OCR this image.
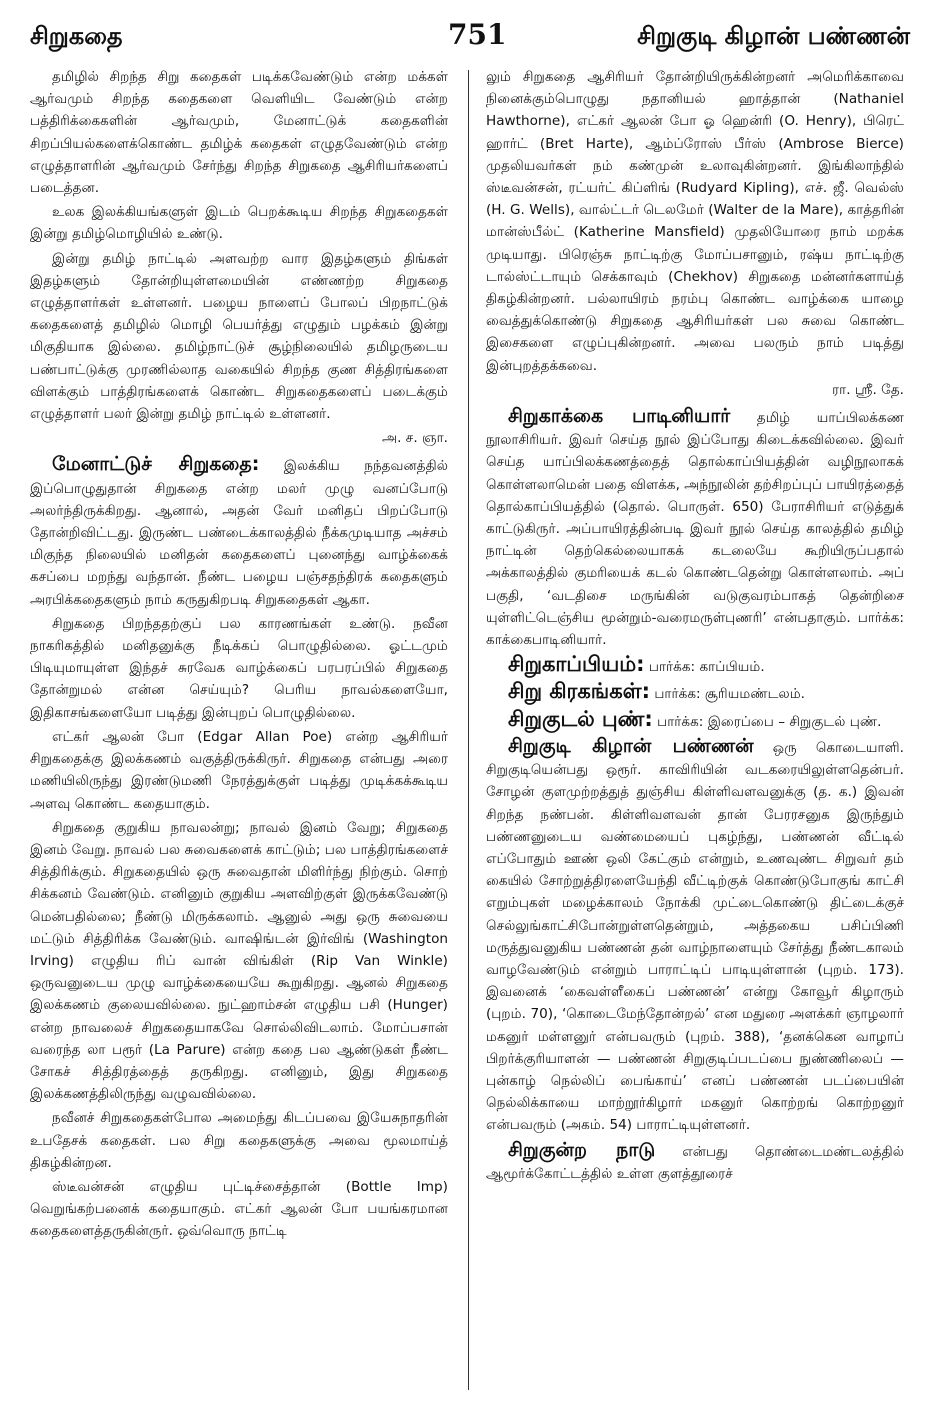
சிறுகதை	751	சிறுகுடி கிழான் பண்ணன்

தமிழில் சிறந்த சிறு கதைகள் படிக்கவேண்டும் என்ற மக்கள் ஆர்வமும் சிறந்த கதைகளை வெளியிட வேண்டும் என்ற பத்திரிக்கைகளின் ஆர்வமும், மேனாட்டுக் கதைகளின் சிறப்பியல்களைக்கொண்ட தமிழ்க் கதைகள் எழுதவேண்டும் என்ற எழுத்தாளரின் ஆர்வமும் சேர்ந்து சிறந்த சிறுகதை ஆசிரியர்களைப் படைத்தன.

உலக இலக்கியங்களுள் இடம் பெறக்கூடிய சிறந்த சிறுகதைகள் இன்று தமிழ்மொழியில் உண்டு.

இன்று தமிழ் நாட்டில் அளவற்ற வார இதழ்களும் திங்கள் இதழ்களும் தோன்றியுள்ளமையின் எண்ணற்ற சிறுகதை எழுத்தாளர்கள் உள்ளனர். பழைய நாளைப் போலப் பிறநாட்டுக் கதைகளைத் தமிழில் மொழி பெயர்த்து எழுதும் பழக்கம் இன்று மிகுதியாக இல்லை. தமிழ்நாட்டுச் சூழ்நிலையில் தமிழருடைய பண்பாட்டுக்கு முரணில்லாத வகையில் சிறந்த குண சித்திரங்களை விளக்கும் பாத்திரங்களைக் கொண்ட சிறுகதைகளைப் படைக்கும் எழுத்தாளர் பலர் இன்று தமிழ் நாட்டில் உள்ளனர்.

அ. ச. ஞா.

மேனாட்டுச் சிறுகதை: இலக்கிய நந்தவனத்தில் இப்பொழுதுதான் சிறுகதை என்ற மலர் முழு வனப்போடு அலர்ந்திருக்கிறது. ஆனால், அதன் வேர் மனிதப் பிறப்போடு தோன்றிவிட்டது. இருண்ட பண்டைக்காலத்தில் நீக்கமுடியாத அச்சம் மிகுந்த நிலையில் மனிதன் கதைகளைப் புனைந்து வாழ்க்கைக் கசப்பை மறந்து வந்தான். நீண்ட பழைய பஞ்சதந்திரக் கதைகளும் அரபிக்கதைகளும் நாம் கருதுகிறபடி சிறுகதைகள் ஆகா.

சிறுகதை பிறந்ததற்குப் பல காரணங்கள் உண்டு. நவீன நாகரிகத்தில் மனிதனுக்கு நீடிக்கப் பொழுதில்லை. ஓட்டமும் பிடியுமாயுள்ள இந்தச் சுரவேக வாழ்க்கைப் பரபரப்பில் சிறுகதை தோன்றுமல் என்ன செய்யும்? பெரிய நாவல்களையோ, இதிகாசங்களையோ படித்து இன்புறப் பொழுதில்லை.

எட்கர் ஆலன் போ (Edgar Allan Poe) என்ற ஆசிரியர் சிறுகதைக்கு இலக்கணம் வகுத்திருக்கிருர். சிறுகதை என்பது அரை மணியிலிருந்து இரண்டுமணி நேரத்துக்குள் படித்து முடிக்கக்கூடிய அளவு கொண்ட கதையாகும்.

சிறுகதை குறுகிய நாவலன்று; நாவல் இனம் வேறு; சிறுகதை இனம் வேறு. நாவல் பல சுவைகளைக் காட்டும்; பல பாத்திரங்களைச் சித்திரிக்கும். சிறுகதையில் ஒரு சுவைதான் மிளிர்ந்து நிற்கும். சொற் சிக்கனம் வேண்டும். எனினும் குறுகிய அளவிற்குள் இருக்கவேண்டு மென்பதில்லை; நீண்டு மிருக்கலாம். ஆனுல் அது ஒரு சுவையை மட்டும் சித்திரிக்க வேண்டும். வாஷிங்டன் இர்விங் (Washington Irving) எழுதிய ரிப் வான் விங்கிள் (Rip Van Winkle) ஒருவனுடைய முழு வாழ்க்கையையே கூறுகிறது. ஆனல் சிறுகதை இலக்கணம் குலையவில்லை. நுட்ஹாம்சன் எழுதிய பசி (Hunger) என்ற நாவலைச் சிறுகதையாகவே சொல்லிவிடலாம். மோப்பசான் வரைந்த லா பரூர் (La Parure) என்ற கதை பல ஆண்டுகள் நீண்ட சோகச் சித்திரத்தைத் தருகிறது. எனினும், இது சிறுகதை இலக்கணத்திலிருந்து வழுவவில்லை.

நவீனச் சிறுகதைகள்போல அமைந்து கிடப்பவை இயேசுநாதரின் உபதேசக் கதைகள். பல சிறு கதைகளுக்கு அவை மூலமாய்த் திகழ்கின்றன.

ஸ்டீவன்சன் எழுதிய புட்டிச்சைத்தான் (Bottle Imp) வெறுங்கற்பனைக் கதையாகும். எட்கர் ஆலன் போ பயங்கரமான கதைகளைத்தருகின்ருர். ஒவ்வொரு நாட்டி

லும் சிறுகதை ஆசிரியர் தோன்றியிருக்கின்றனர் அமெரிக்காவை நினைக்கும்பொழுது நதானியல் ஹாத்தான் (Nathaniel Hawthorne), எட்கர் ஆலன் போ ஓ ஹென்ரி (O. Henry), பிரெட் ஹார்ட் (Bret Harte), ஆம்ப்ரோஸ் பீர்ஸ் (Ambrose Bierce) முதலியவர்கள் நம் கண்முன் உலாவுகின்றனர். இங்கிலாந்தில் ஸ்டீவன்சன், ரட்யர்ட் கிப்ளிங் (Rudyard Kipling), எச். ஜீ. வெல்ஸ் (H. G. Wells), வால்ட்டர் டெலமேர் (Walter de la Mare), காத்தரின் மான்ஸ்பீல்ட் (Katherine Mansfield) முதலியோரை நாம் மறக்க முடியாது. பிரெஞ்சு நாட்டிற்கு மோப்பசானும், ரஷ்ய நாட்டிற்கு டால்ஸ்ட்டாயும் செக்காவும் (Chekhov) சிறுகதை மன்னர்களாய்த் திகழ்கின்றனர். பல்லாயிரம் நரம்பு கொண்ட வாழ்க்கை யாழை வைத்துக்கொண்டு சிறுகதை ஆசிரியர்கள் பல சுவை கொண்ட இசைகளை எழுப்புகின்றனர். அவை பலரும் நாம் படித்து இன்புறத்தக்கவை.

ரா. ஸ்ரீ. தே.

சிறுகாக்கை பாடினியார் தமிழ் யாப்பிலக்கண நூலாசிரியர். இவர் செய்த நூல் இப்போது கிடைக்கவில்லை. இவர் செய்த யாப்பிலக்கணத்தைத் தொல்காப்பியத்தின் வழிநூலாகக் கொள்ளலாமென் பதை விளக்க, அந்நூலின் தற்சிறப்புப் பாயிரத்தைத் தொல்காப்பியத்தில் (தொல். பொருள். 650) பேராசிரியர் எடுத்துக் காட்டுகிருர். அப்பாயிரத்தின்படி இவர் நூல் செய்த காலத்தில் தமிழ் நாட்டின் தெற்கெல்லையாகக் கடலையே கூறியிருப்பதால் அக்காலத்தில் குமரியைக் கடல் கொண்டதென்று கொள்ளலாம். அப் பகுதி, ‘வடதிசை மருங்கின் வடுகுவரம்பாகத் தென்றிசை யுள்ளிட்டெஞ்சிய மூன்றும்-வரைமருள்புணரி’ என்பதாகும். பார்க்க: காக்கைபாடினியார்.

சிறுகாப்பியம்: பார்க்க: காப்பியம்.

சிறு கிரகங்கள்: பார்க்க: சூரியமண்டலம்.

சிறுகுடல் புண்: பார்க்க: இரைப்பை – சிறுகுடல் புண்.

சிறுகுடி கிழான் பண்ணன் ஒரு கொடையாளி. சிறுகுடியென்பது ஒரூர். காவிரியின் வடகரையிலுள்ளதென்பர். சோழன் குளமுற்றத்துத் துஞ்சிய கிள்ளிவளவனுக்கு (த. க.) இவன் சிறந்த நண்பன். கிள்ளிவளவன் தான் பேரரசனுக இருந்தும் பண்ணனுடைய வண்மையைப் புகழ்ந்து, பண்ணன் வீட்டில் எப்போதும் ஊண் ஒலி கேட்கும் என்றும், உணவுண்ட சிறுவர் தம் கையில் சோற்றுத்திரளையேந்தி வீட்டிற்குக் கொண்டுபோகுங் காட்சி எறும்புகள் மழைக்காலம் நோக்கி முட்டைகொண்டு திட்டைக்குச் செல்லுங்காட்சிபோன்றுள்ளதென்றும், அத்தகைய பசிப்பிணி மருத்துவனுகிய பண்ணன் தன் வாழ்நாளையும் சேர்த்து நீண்டகாலம் வாழவேண்டும் என்றும் பாராட்டிப் பாடியுள்ளான் (புறம். 173). இவனைக் ‘கைவள்ளீகைப் பண்ணன்’ என்று கோவூர் கிழாரும் (புறம். 70), ‘கொடைமேந்தோன்றல்’ என மதுரை அளக்கர் ஞாழலார் மகனுர் மள்ளனுர் என்பவரும் (புறம். 388), ‘தனக்கென வாழாப் பிறர்க்குரியாளன் — பண்ணன் சிறுகுடிப்படப்பை நுண்ணிலைப் — புன்காழ் நெல்லிப் பைங்காய்’ எனப் பண்ணன் படப்பையின் நெல்லிக்காயை மாற்றூர்கிழார் மகனுர் கொற்றங் கொற்றனுர் என்பவரும் (அகம். 54) பாராட்டியுள்ளனர்.

சிறுகுன்ற நாடு என்பது தொண்டைமண்டலத்தில் ஆமூர்க்கோட்டத்தில் உள்ள குளத்தூரைச்
